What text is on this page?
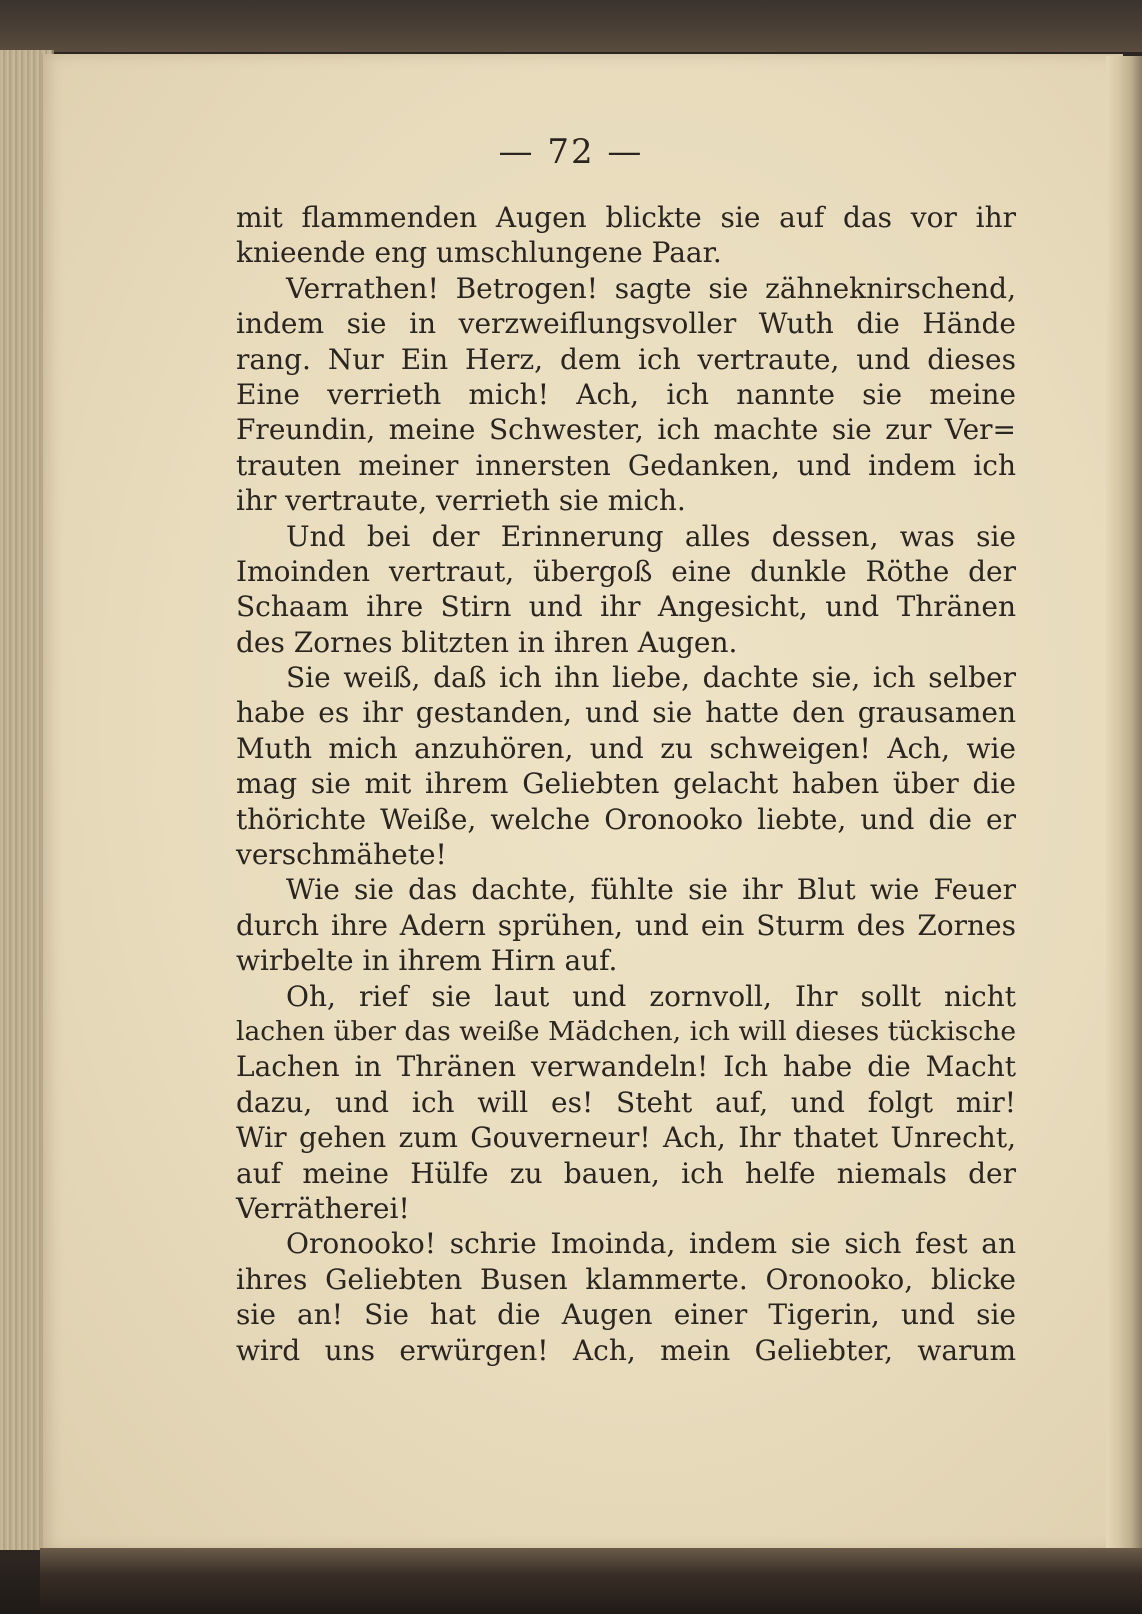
— 72 —
mit flammenden Augen blickte sie auf das vor ihr
knieende eng umschlungene Paar.
Verrathen! Betrogen! sagte sie zähneknirschend,
indem sie in verzweiflungsvoller Wuth die Hände
rang. Nur Ein Herz, dem ich vertraute, und dieses
Eine verrieth mich! Ach, ich nannte sie meine
Freundin, meine Schwester, ich machte sie zur Ver=
trauten meiner innersten Gedanken, und indem ich
ihr vertraute, verrieth sie mich.
Und bei der Erinnerung alles dessen, was sie
Imoinden vertraut, übergoß eine dunkle Röthe der
Schaam ihre Stirn und ihr Angesicht, und Thränen
des Zornes blitzten in ihren Augen.
Sie weiß, daß ich ihn liebe, dachte sie, ich selber
habe es ihr gestanden, und sie hatte den grausamen
Muth mich anzuhören, und zu schweigen! Ach, wie
mag sie mit ihrem Geliebten gelacht haben über die
thörichte Weiße, welche Oronooko liebte, und die er
verschmähete!
Wie sie das dachte, fühlte sie ihr Blut wie Feuer
durch ihre Adern sprühen, und ein Sturm des Zornes
wirbelte in ihrem Hirn auf.
Oh, rief sie laut und zornvoll, Ihr sollt nicht
lachen über das weiße Mädchen, ich will dieses tückische
Lachen in Thränen verwandeln! Ich habe die Macht
dazu, und ich will es! Steht auf, und folgt mir!
Wir gehen zum Gouverneur! Ach, Ihr thatet Unrecht,
auf meine Hülfe zu bauen, ich helfe niemals der
Verrätherei!
Oronooko! schrie Imoinda, indem sie sich fest an
ihres Geliebten Busen klammerte. Oronooko, blicke
sie an! Sie hat die Augen einer Tigerin, und sie
wird uns erwürgen! Ach, mein Geliebter, warum
